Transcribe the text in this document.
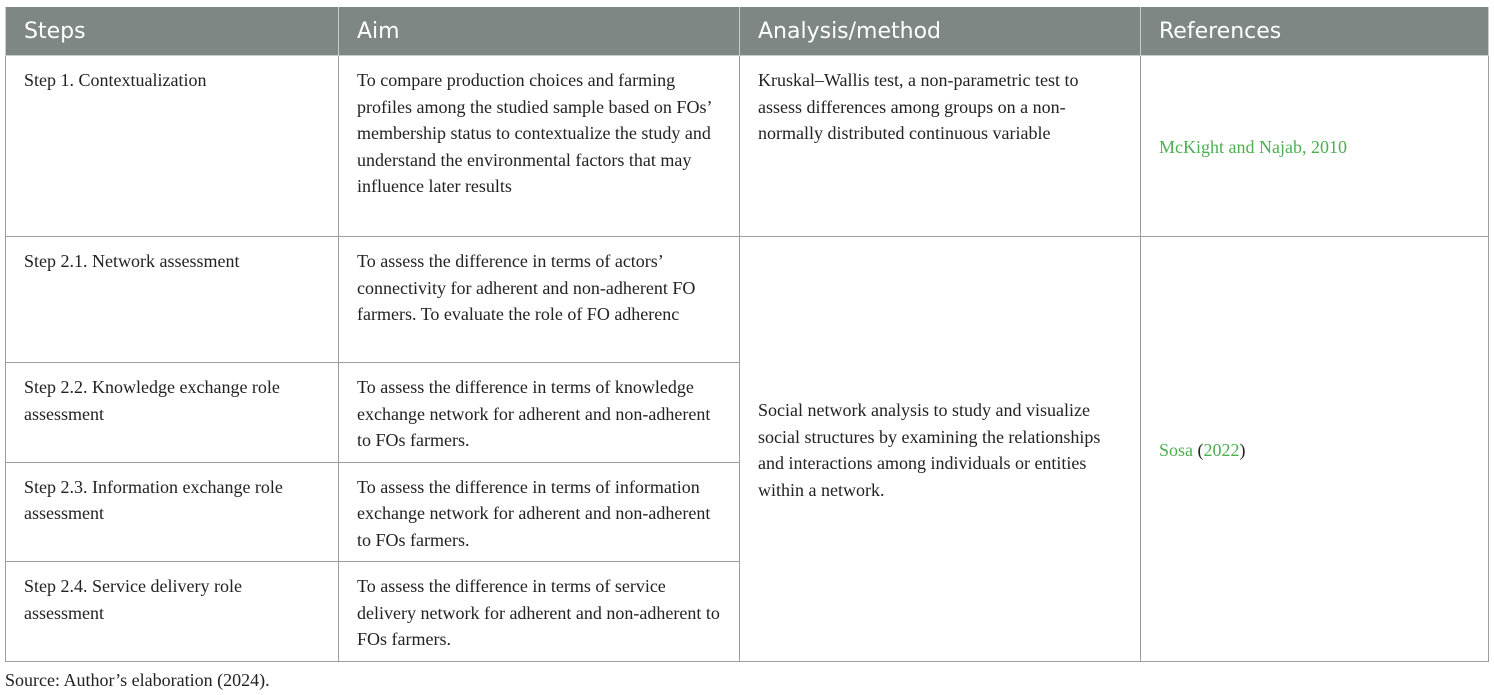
Steps	Aim	Analysis/method	References
Step 1. Contextualization	To compare production choices and farming profiles among the studied sample based on FOs’ membership status to contextualize the study and understand the environmental factors that may influence later results	Kruskal–Wallis test, a non-parametric test to assess differences among groups on a non-normally distributed continuous variable	McKight and Najab, 2010
Step 2.1. Network assessment	To assess the difference in terms of actors’ connectivity for adherent and non-adherent FO farmers. To evaluate the role of FO adherenc	Social network analysis to study and visualize social structures by examining the relationships and interactions among individuals or entities within a network.	Sosa (2022)
Step 2.2. Knowledge exchange role assessment	To assess the difference in terms of knowledge exchange network for adherent and non-adherent to FOs farmers.		
Step 2.3. Information exchange role assessment	To assess the difference in terms of information exchange network for adherent and non-adherent to FOs farmers.		
Step 2.4. Service delivery role assessment	To assess the difference in terms of service delivery network for adherent and non-adherent to FOs farmers.		
Source: Author’s elaboration (2024).
